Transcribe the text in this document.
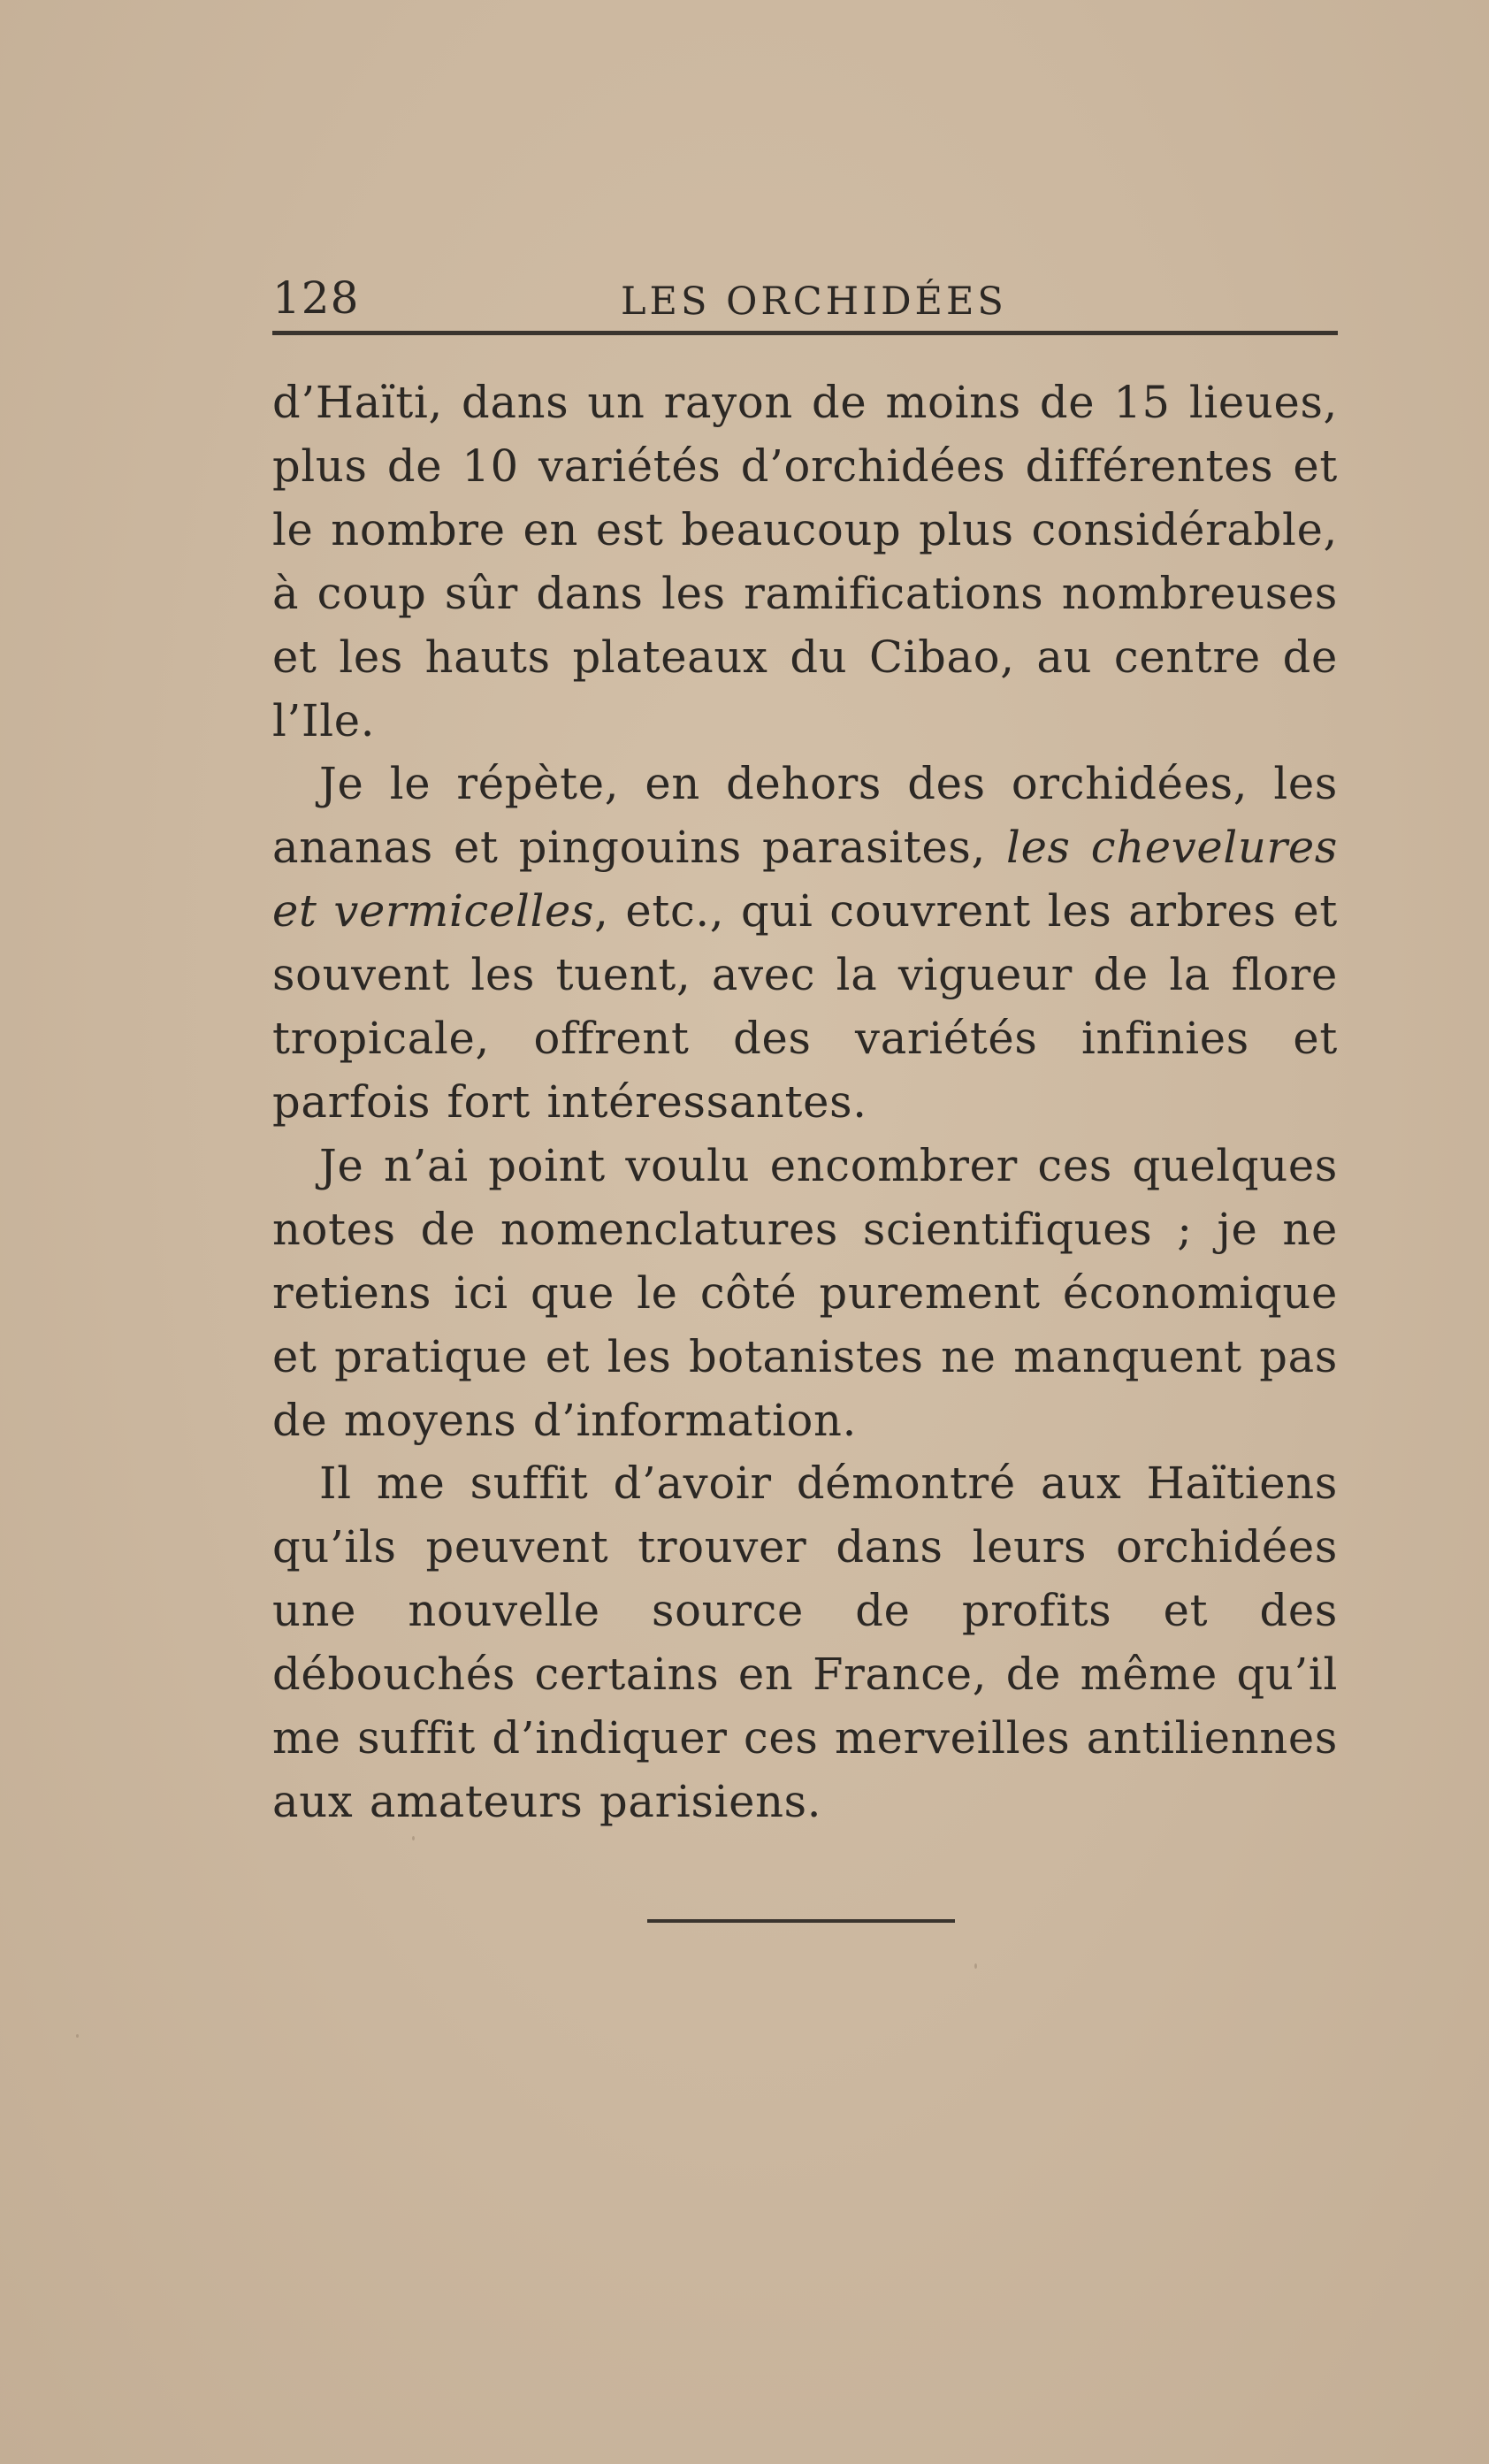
128	LES ORCHIDÉES

d’Haïti, dans un rayon de moins de 15 lieues, plus de 10 variétés d’orchidées différentes et le nombre en est beaucoup plus considérable, à coup sûr dans les ramifications nombreuses et les hauts plateaux du Cibao, au centre de l’Ile.

Je le répète, en dehors des orchidées, les ananas et pingouins parasites, les chevelures et vermicelles, etc., qui couvrent les arbres et souvent les tuent, avec la vigueur de la flore tropicale, offrent des variétés infinies et parfois fort intéressantes.

Je n’ai point voulu encombrer ces quelques notes de nomenclatures scientifiques ; je ne retiens ici que le côté purement économique et pratique et les botanistes ne manquent pas de moyens d’information.

Il me suffit d’avoir démontré aux Haïtiens qu’ils peuvent trouver dans leurs orchidées une nouvelle source de profits et des débouchés certains en France, de même qu’il me suffit d’indiquer ces merveilles antiliennes aux amateurs parisiens.
